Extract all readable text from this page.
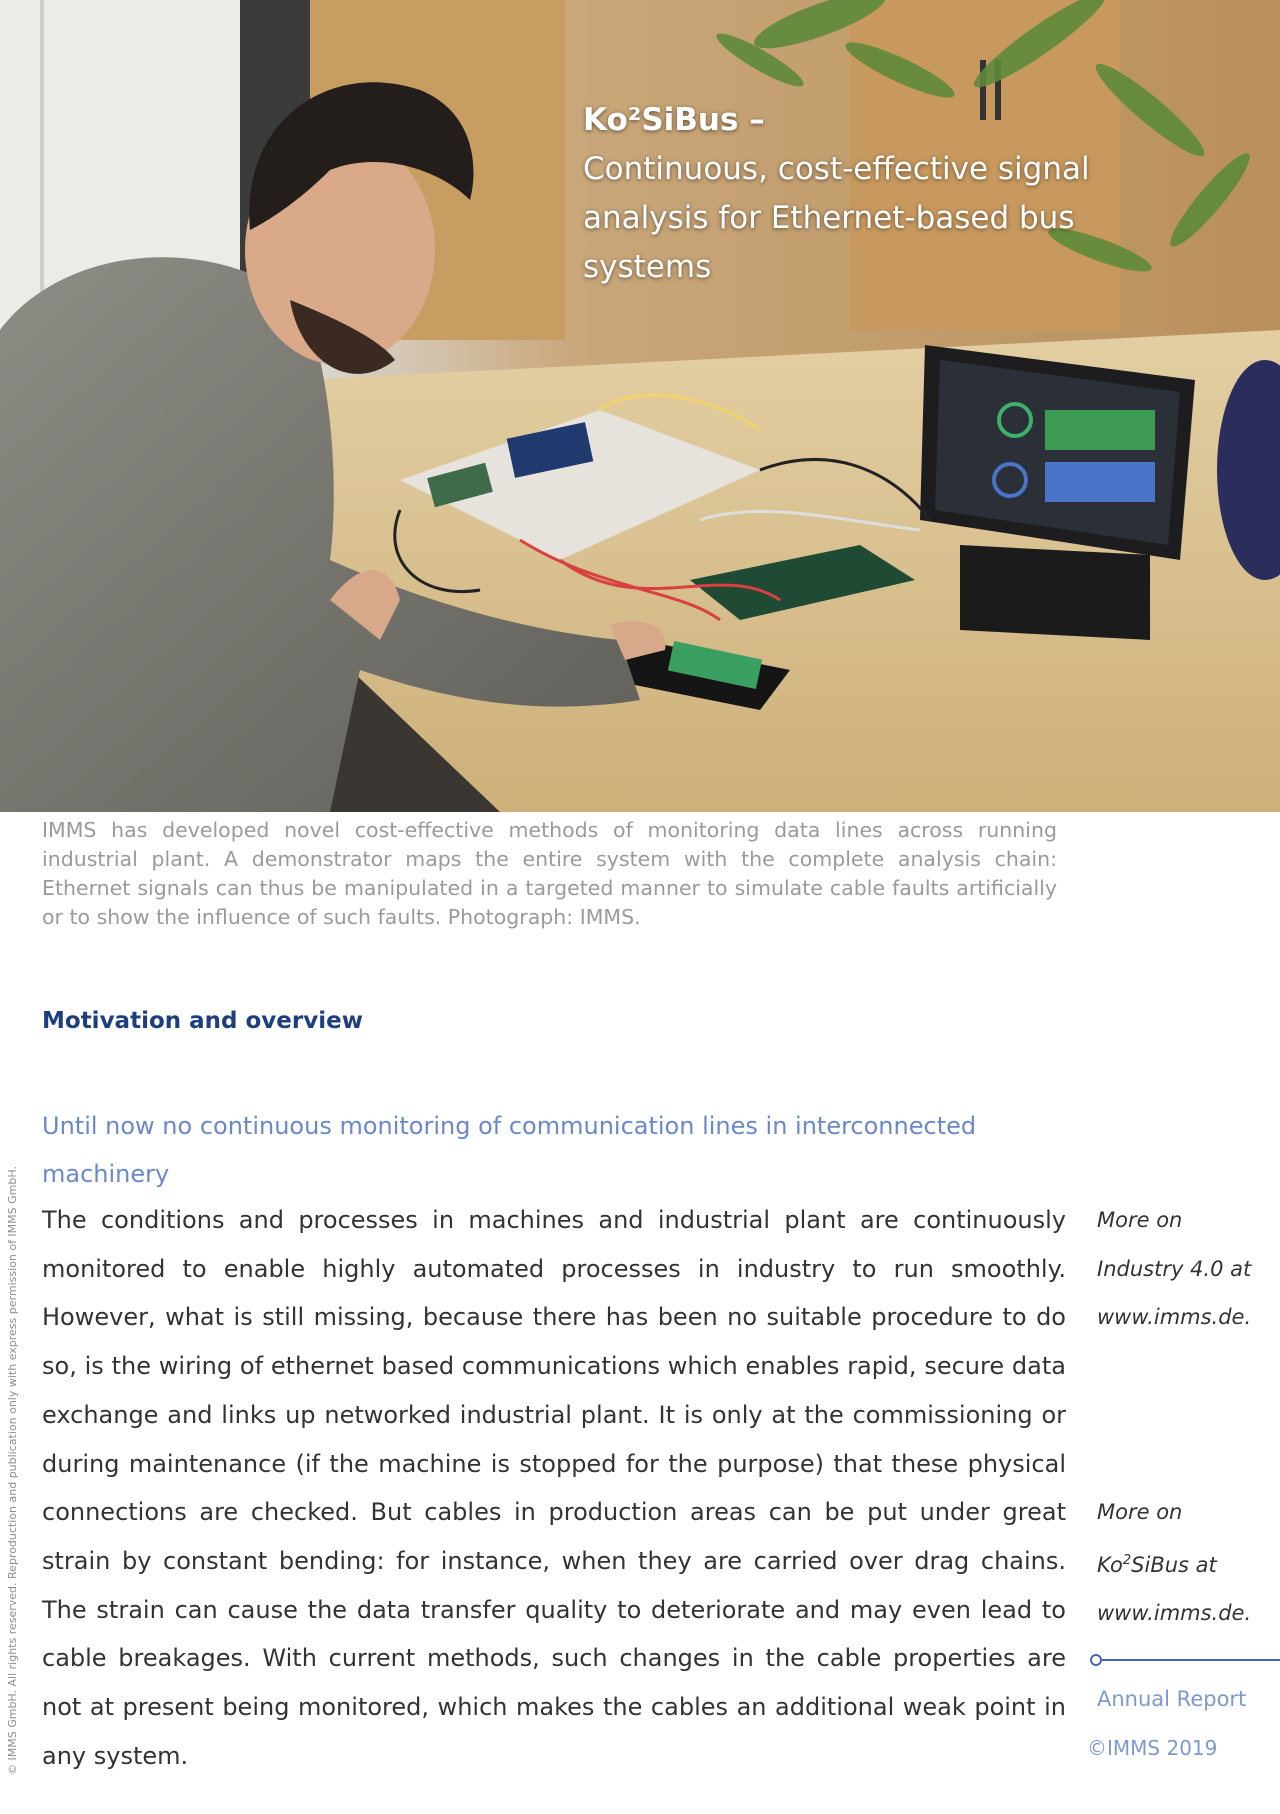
Ko²SiBus –
Continuous, cost-effective signal analysis for Ethernet-based bus systems
IMMS has developed novel cost-effective methods of monitoring data lines across running industrial plant. A demonstrator maps the entire system with the complete analysis chain: Ethernet signals can thus be manipulated in a targeted manner to simulate cable faults artificially or to show the influence of such faults. Photograph: IMMS.
© IMMS GmbH. All rights reserved. Reproduction and publication only with express permission of IMMS GmbH.
Motivation and overview
Until now no continuous monitoring of communication lines in interconnected machinery

The conditions and processes in machines and industrial plant are continuously monitored to enable highly automated processes in industry to run smoothly. However, what is still missing, because there has been no suitable procedure to do so, is the wiring of ethernet based communications which enables rapid, secure data exchange and links up networked industrial plant. It is only at the commissioning or during maintenance (if the machine is stopped for the purpose) that these physical connections are checked. But cables in production areas can be put under great strain by constant bending: for instance, when they are carried over drag chains. The strain can cause the data transfer quality to deteriorate and may even lead to cable breakages. With current methods, such changes in the cable properties are not at present being monitored, which makes the cables an additional weak point in any system.

More on
Industry 4.0 at
www.imms.de.
More on
Ko$^2$SiBus at
www.imms.de.
Annual Report
©IMMS 2019
